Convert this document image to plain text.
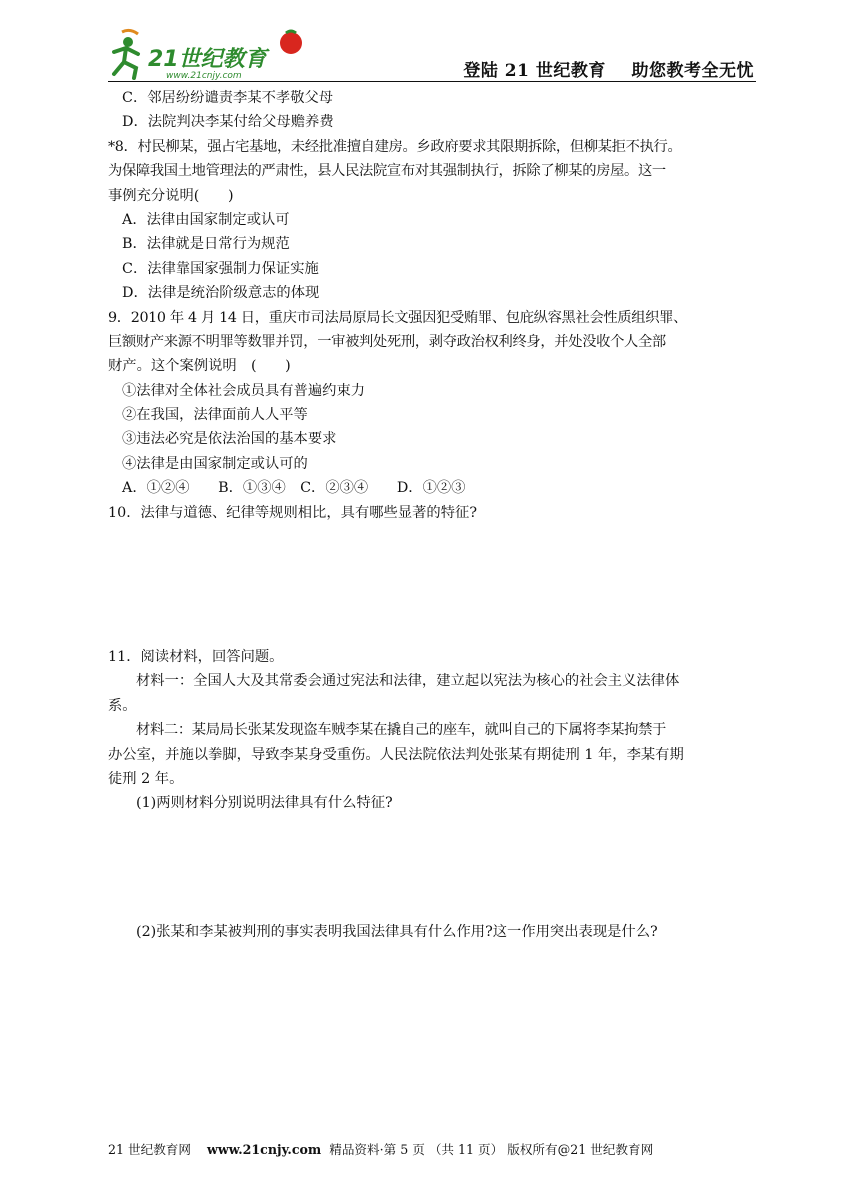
21世纪教育
www.21cnjy.com	登陆 21 世纪教育    助您教考全无忧
C．邻居纷纷谴责李某不孝敬父母
D．法院判决李某付给父母赡养费
*8．村民柳某，强占宅基地，未经批准擅自建房。乡政府要求其限期拆除，但柳某拒不执行。
为保障我国土地管理法的严肃性，县人民法院宣布对其强制执行，拆除了柳某的房屋。这一
事例充分说明(　　)
A．法律由国家制定或认可
B．法律就是日常行为规范
C．法律靠国家强制力保证实施
D．法律是统治阶级意志的体现
9．2010 年 4 月 14 日，重庆市司法局原局长文强因犯受贿罪、包庇纵容黑社会性质组织罪、
巨额财产来源不明罪等数罪并罚，一审被判处死刑，剥夺政治权利终身，并处没收个人全部
财产。这个案例说明　(　　)
①法律对全体社会成员具有普遍约束力
②在我国，法律面前人人平等
③违法必究是依法治国的基本要求
④法律是由国家制定或认可的
A．①②④　　B．①③④　C．②③④　　D．①②③
10．法律与道德、纪律等规则相比，具有哪些显著的特征?
11．阅读材料，回答问题。
材料一：全国人大及其常委会通过宪法和法律，建立起以宪法为核心的社会主义法律体
系。
材料二：某局局长张某发现盗车贼李某在撬自己的座车，就叫自己的下属将李某拘禁于
办公室，并施以拳脚，导致李某身受重伤。人民法院依法判处张某有期徒刑 1 年，李某有期
徒刑 2 年。
(1)两则材料分别说明法律具有什么特征?
(2)张某和李某被判刑的事实表明我国法律具有什么作用?这一作用突出表现是什么?
21 世纪教育网 www.21cnjy.com 精品资料·第 5 页 （共 11 页） 版权所有@21 世纪教育网
